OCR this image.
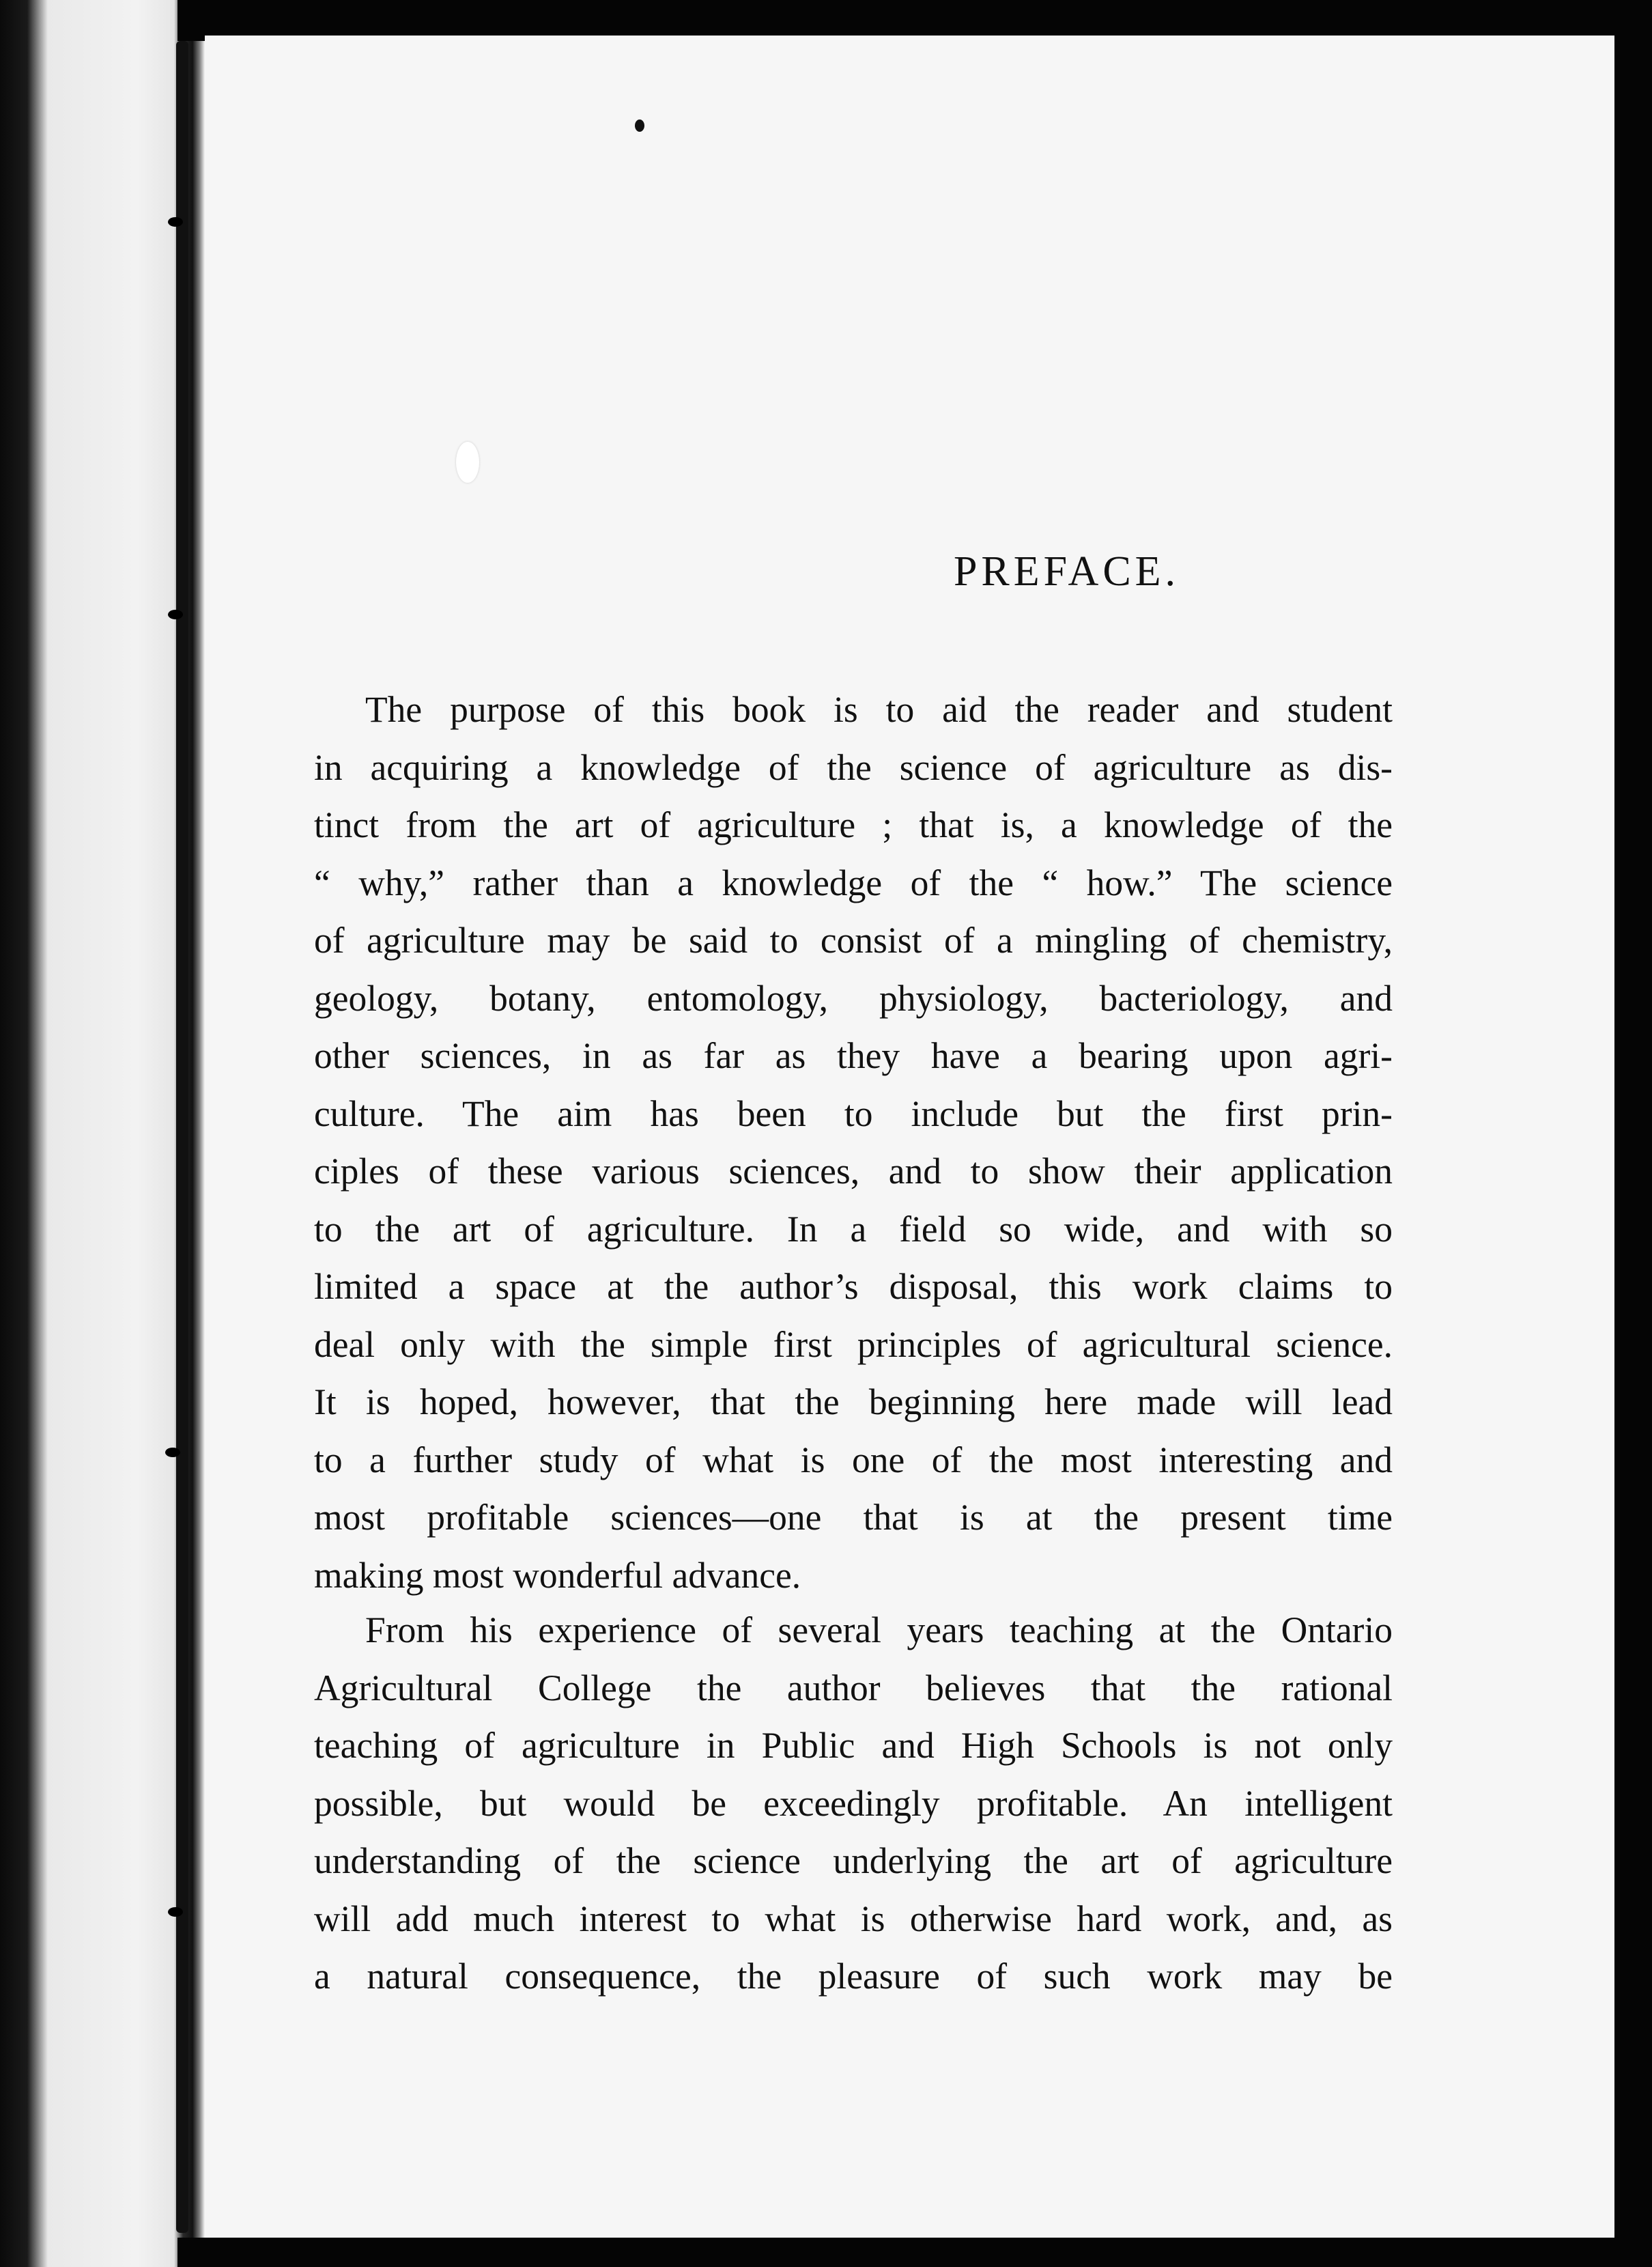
PREFACE.
The purpose of this book is to aid the reader and student
in acquiring a knowledge of the science of agriculture as dis-
tinct from the art of agriculture ; that is, a knowledge of the
“ why,” rather than a knowledge of the “ how.” The science
of agriculture may be said to consist of a mingling of chemistry,
geology, botany, entomology, physiology, bacteriology, and
other sciences, in as far as they have a bearing upon agri-
culture. The aim has been to include but the first prin-
ciples of these various sciences, and to show their application
to the art of agriculture. In a field so wide, and with so
limited a space at the author’s disposal, this work claims to
deal only with the simple first principles of agricultural science.
It is hoped, however, that the beginning here made will lead
to a further study of what is one of the most interesting and
most profitable sciences—one that is at the present time
making most wonderful advance.
From his experience of several years teaching at the Ontario
Agricultural College the author believes that the rational
teaching of agriculture in Public and High Schools is not only
possible, but would be exceedingly profitable. An intelligent
understanding of the science underlying the art of agriculture
will add much interest to what is otherwise hard work, and, as
a natural consequence, the pleasure of such work may be
